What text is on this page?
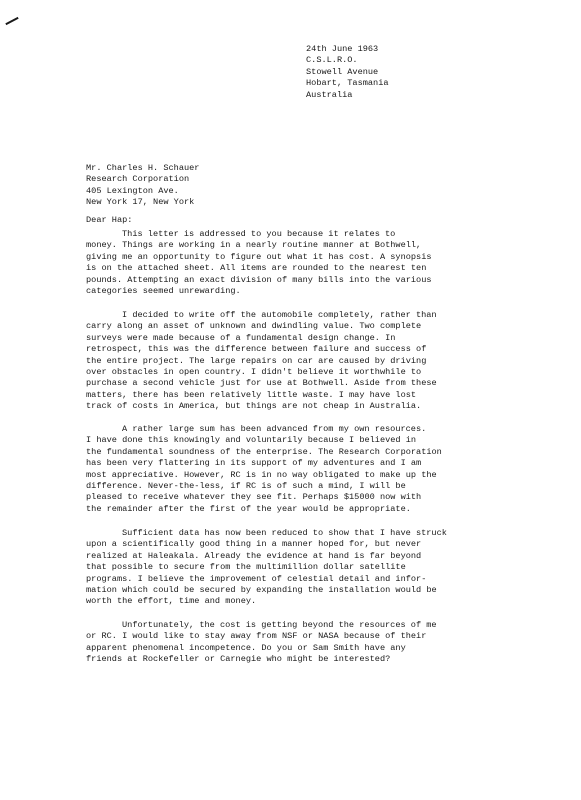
24th June 1963
C.S.L.R.O.
Stowell Avenue
Hobart, Tasmania
Australia
Mr. Charles H. Schauer
Research Corporation
405 Lexington Ave.
New York 17, New York
Dear Hap:
This letter is addressed to you because it relates to
money. Things are working in a nearly routine manner at Bothwell,
giving me an opportunity to figure out what it has cost. A synopsis
is on the attached sheet. All items are rounded to the nearest ten
pounds. Attempting an exact division of many bills into the various
categories seemed unrewarding.
I decided to write off the automobile completely, rather than
carry along an asset of unknown and dwindling value. Two complete
surveys were made because of a fundamental design change. In
retrospect, this was the difference between failure and success of
the entire project. The large repairs on car are caused by driving
over obstacles in open country. I didn't believe it worthwhile to
purchase a second vehicle just for use at Bothwell. Aside from these
matters, there has been relatively little waste. I may have lost
track of costs in America, but things are not cheap in Australia.
A rather large sum has been advanced from my own resources.
I have done this knowingly and voluntarily because I believed in
the fundamental soundness of the enterprise. The Research Corporation
has been very flattering in its support of my adventures and I am
most appreciative. However, RC is in no way obligated to make up the
difference. Never-the-less, if RC is of such a mind, I will be
pleased to receive whatever they see fit. Perhaps $15000 now with
the remainder after the first of the year would be appropriate.
Sufficient data has now been reduced to show that I have struck
upon a scientifically good thing in a manner hoped for, but never
realized at Haleakala. Already the evidence at hand is far beyond
that possible to secure from the multimillion dollar satellite
programs. I believe the improvement of celestial detail and infor-
mation which could be secured by expanding the installation would be
worth the effort, time and money.
Unfortunately, the cost is getting beyond the resources of me
or RC. I would like to stay away from NSF or NASA because of their
apparent phenomenal incompetence. Do you or Sam Smith have any
friends at Rockefeller or Carnegie who might be interested?
